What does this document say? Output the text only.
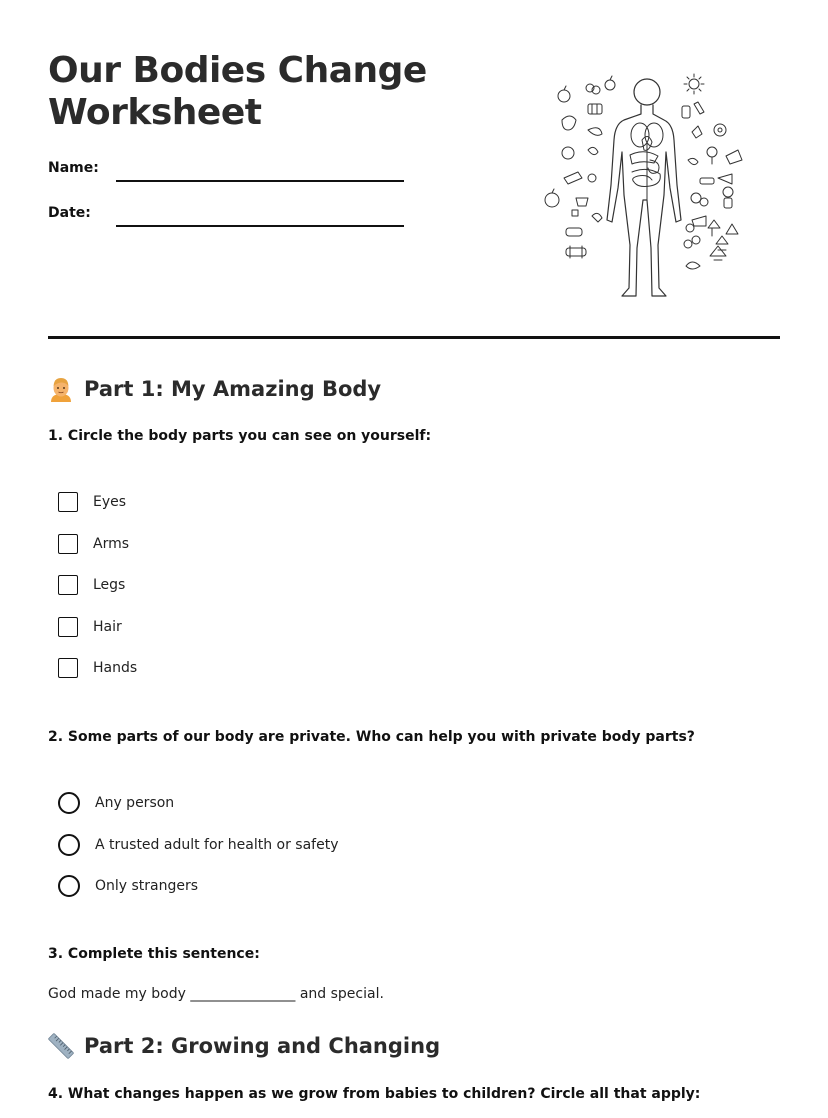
Our Bodies Change
Worksheet
Name:
Date:
Part 1: My Amazing Body
1. Circle the body parts you can see on yourself:
Eyes
Arms
Legs
Hair
Hands
2. Some parts of our body are private. Who can help you with private body parts?
Any person
A trusted adult for health or safety
Only strangers
3. Complete this sentence:
God made my body _______________ and special.
Part 2: Growing and Changing
4. What changes happen as we grow from babies to children? Circle all that apply:
